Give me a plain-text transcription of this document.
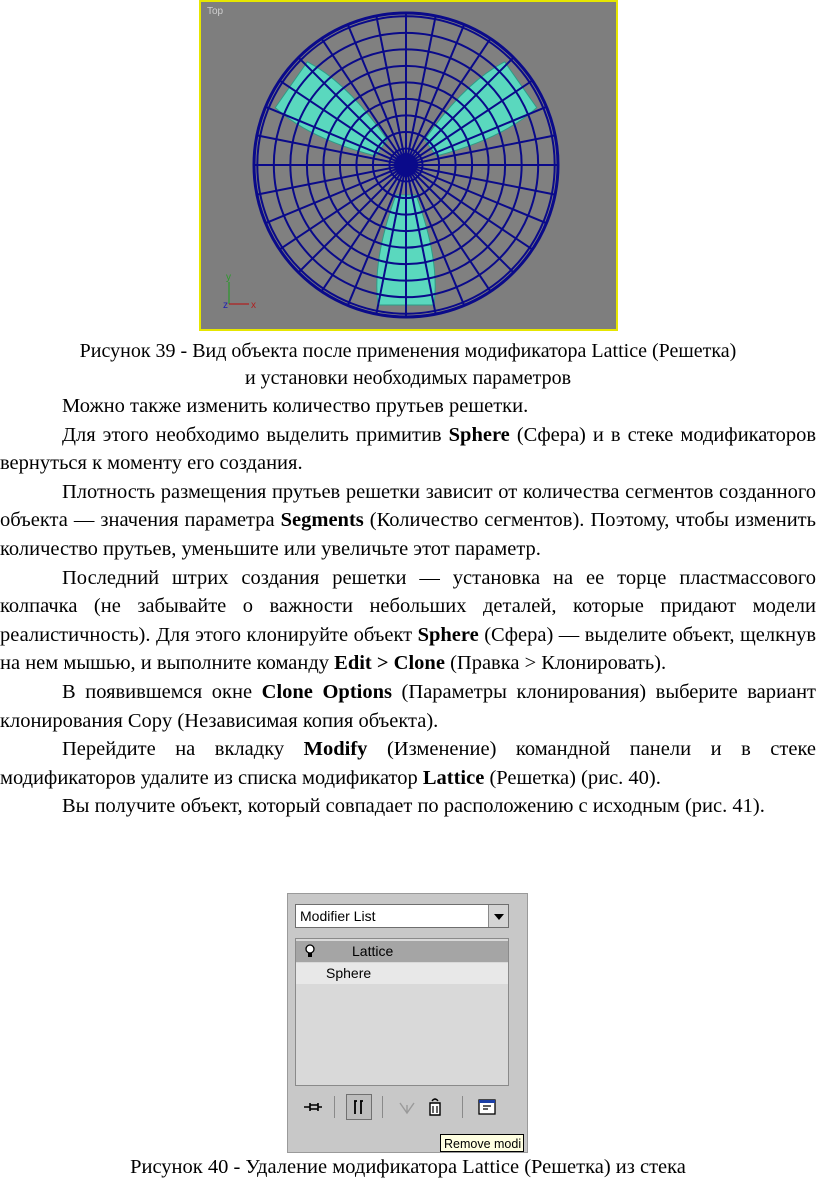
y
z x
Top
Рисунок 39 - Вид объекта после применения модификатора Lattice (Решетка)
и установки необходимых параметров

Можно также изменить количество прутьев решетки.

Для этого необходимо выделить примитив Sphere (Сфера) и в стеке модификаторов вернуться к моменту его создания.

Плотность размещения прутьев решетки зависит от количества сегментов созданного объекта — значения параметра Segments (Количество сегментов). Поэтому, чтобы изменить количество прутьев, уменьшите или увеличьте этот параметр.

Последний штрих создания решетки — установка на ее торце пластмассового колпачка (не забывайте о важности небольших деталей, которые придают модели реалистичность). Для этого клонируйте объект Sphere (Сфера) — выделите объект, щелкнув на нем мышью, и выполните команду Edit > Clone (Правка > Клонировать).

В появившемся окне Clone Options (Параметры клонирования) выберите вариант клонирования Copy (Независимая копия объекта).

Перейдите на вкладку Modify (Изменение) командной панели и в стеке модификаторов удалите из списка модификатор Lattice (Решетка) (рис. 40).

Вы получите объект, который совпадает по расположению с исходным (рис. 41).

Modifier List
Lattice
Sphere
Remove modi
Рисунок 40 - Удаление модификатора Lattice (Решетка) из стека
